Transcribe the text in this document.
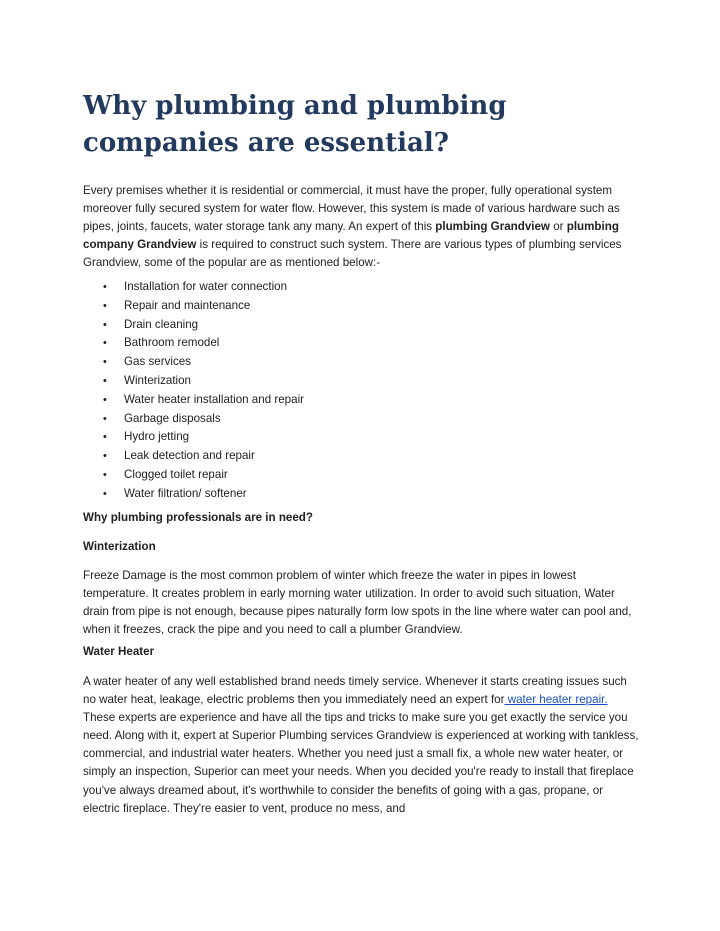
Why plumbing and plumbing companies are essential?

Every premises whether it is residential or commercial, it must have the proper, fully operational system moreover fully secured system for water flow. However, this system is made of various hardware such as pipes, joints, faucets, water storage tank any many. An expert of this plumbing Grandview or plumbing company Grandview is required to construct such system. There are various types of plumbing services Grandview, some of the popular are as mentioned below:-

• Installation for water connection
• Repair and maintenance
• Drain cleaning
• Bathroom remodel
• Gas services
• Winterization
• Water heater installation and repair
• Garbage disposals
• Hydro jetting
• Leak detection and repair
• Clogged toilet repair
• Water filtration/ softener

Why plumbing professionals are in need?

Winterization

Freeze Damage is the most common problem of winter which freeze the water in pipes in lowest temperature. It creates problem in early morning water utilization. In order to avoid such situation, Water drain from pipe is not enough, because pipes naturally form low spots in the line where water can pool and, when it freezes, crack the pipe and you need to call a plumber Grandview.

Water Heater

A water heater of any well established brand needs timely service. Whenever it starts creating issues such no water heat, leakage, electric problems then you immediately need an expert for water heater repair. These experts are experience and have all the tips and tricks to make sure you get exactly the service you need. Along with it, expert at Superior Plumbing services Grandview is experienced at working with tankless, commercial, and industrial water heaters. Whether you need just a small fix, a whole new water heater, or simply an inspection, Superior can meet your needs. When you decided you're ready to install that fireplace you've always dreamed about, it's worthwhile to consider the benefits of going with a gas, propane, or electric fireplace. They're easier to vent, produce no mess, and
